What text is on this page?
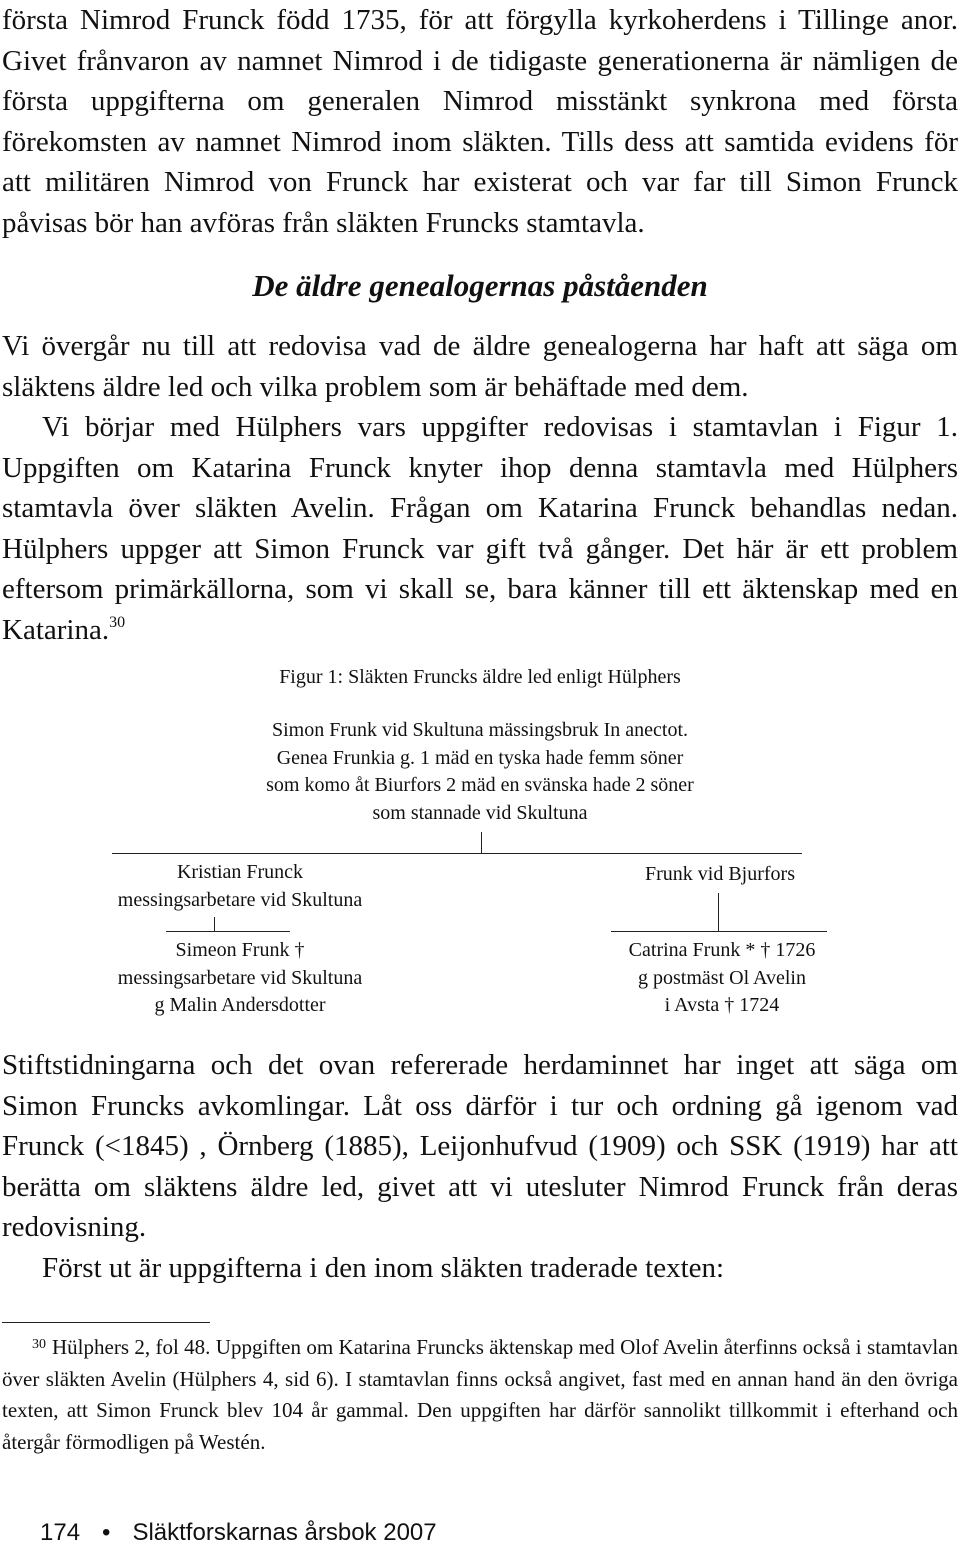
första Nimrod Frunck född 1735, för att förgylla kyrkoherdens i Tillinge anor. Givet frånvaron av namnet Nimrod i de tidigaste generationerna är nämligen de första uppgifterna om generalen Nimrod misstänkt synkrona med första förekomsten av namnet Nimrod inom släkten. Tills dess att samtida evidens för att militären Nimrod von Frunck har existerat och var far till Simon Frunck påvisas bör han avföras från släkten Fruncks stamtavla.

De äldre genealogernas påståenden
Vi övergår nu till att redovisa vad de äldre genealogerna har haft att säga om släktens äldre led och vilka problem som är behäftade med dem.
Vi börjar med Hülphers vars uppgifter redovisas i stamtavlan i Figur 1. Uppgiften om Katarina Frunck knyter ihop denna stamtavla med Hülphers stamtavla över släkten Avelin. Frågan om Katarina Frunck behandlas nedan. Hülphers uppger att Simon Frunck var gift två gånger. Det här är ett problem eftersom primärkällorna, som vi skall se, bara känner till ett äktenskap med en Katarina.$^{30}$
Figur 1: Släkten Fruncks äldre led enligt Hülphers
Simon Frunk vid Skultuna mässingsbruk In anectot.
Genea Frunkia g. 1 mäd en tyska hade femm söner
som komo åt Biurfors 2 mäd en svänska hade 2 söner
som stannade vid Skultuna
Kristian Frunck
messingsarbetare vid Skultuna
Frunk vid Bjurfors
Simeon Frunk †
messingsarbetare vid Skultuna
g Malin Andersdotter
Catrina Frunk * † 1726
g postmäst Ol Avelin
i Avsta † 1724
Stiftstidningarna och det ovan refererade herdaminnet har inget att säga om Simon Fruncks avkomlingar. Låt oss därför i tur och ordning gå igenom vad Frunck (<1845) , Örnberg (1885), Leijonhufvud (1909) och SSK (1919) har att berätta om släktens äldre led, givet att vi utesluter Nimrod Frunck från deras redovisning.
Först ut är uppgifterna i den inom släkten traderade texten:

$^{30}$ Hülphers 2, fol 48. Uppgiften om Katarina Fruncks äktenskap med Olof Avelin återfinns också i stamtavlan över släkten Avelin (Hülphers 4, sid 6). I stamtavlan finns också angivet, fast med en annan hand än den övriga texten, att Simon Frunck blev 104 år gammal. Den uppgiften har därför sannolikt tillkommit i efterhand och återgår förmodligen på Westén.

174 • Släktforskarnas årsbok 2007
